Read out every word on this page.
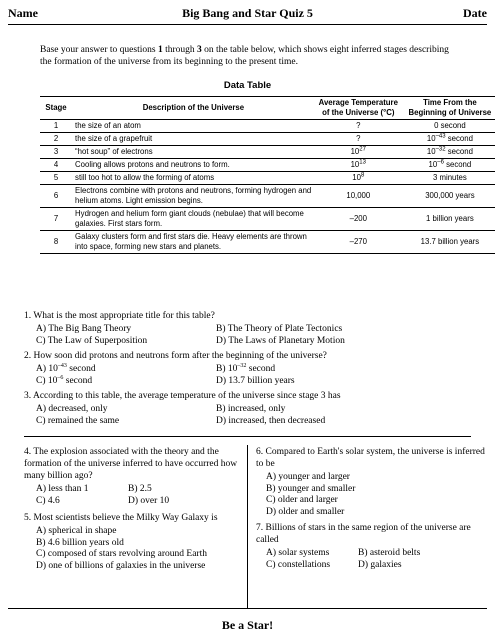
Name	Big Bang and Star Quiz 5	Date
Base your answer to questions 1 through 3 on the table below, which shows eight inferred stages describing the formation of the universe from its beginning to the present time.
Data Table
Stage	Description of the Universe	Average Temperature of the Universe (°C)	Time From the Beginning of Universe
1	the size of an atom	?	0 second
2	the size of a grapefruit	?	$10^{-43}$ second
3	“hot soup” of electrons	$10^{27}$	$10^{-32}$ second
4	Cooling allows protons and neutrons to form.	$10^{13}$	$10^{-6}$ second
5	still too hot to allow the forming of atoms	$10^8$	3 minutes
6	Electrons combine with protons and neutrons, forming hydrogen and helium atoms. Light emission begins.	10,000	300,000 years
7	Hydrogen and helium form giant clouds (nebulae) that will become galaxies. First stars form.	–200	1 billion years
8	Galaxy clusters form and first stars die. Heavy elements are thrown into space, forming new stars and planets.	–270	13.7 billion years
1. What is the most appropriate title for this table?
A) The Big Bang Theory
C) The Law of Superposition
B) The Theory of Plate Tectonics
D) The Laws of Planetary Motion
2. How soon did protons and neutrons form after the beginning of the universe?
A) $10^{-43}$ second
C) $10^{-6}$ second
B) $10^{-32}$ second
D) 13.7 billion years
3. According to this table, the average temperature of the universe since stage 3 has
A) decreased, only
C) remained the same
B) increased, only
D) increased, then decreased
4. The explosion associated with the theory and the formation of the universe inferred to have occurred how many billion ago?
A) less than 1
C) 4.6
B) 2.5
D) over 10
5. Most scientists believe the Milky Way Galaxy is
A) spherical in shape
B) 4.6 billion years old
C) composed of stars revolving around Earth
D) one of billions of galaxies in the universe
6. Compared to Earth's solar system, the universe is inferred to be
A) younger and larger
B) younger and smaller
C) older and larger
D) older and smaller
7. Billions of stars in the same region of the universe are called
A) solar systems
C) constellations
B) asteroid belts
D) galaxies
Be a Star!
